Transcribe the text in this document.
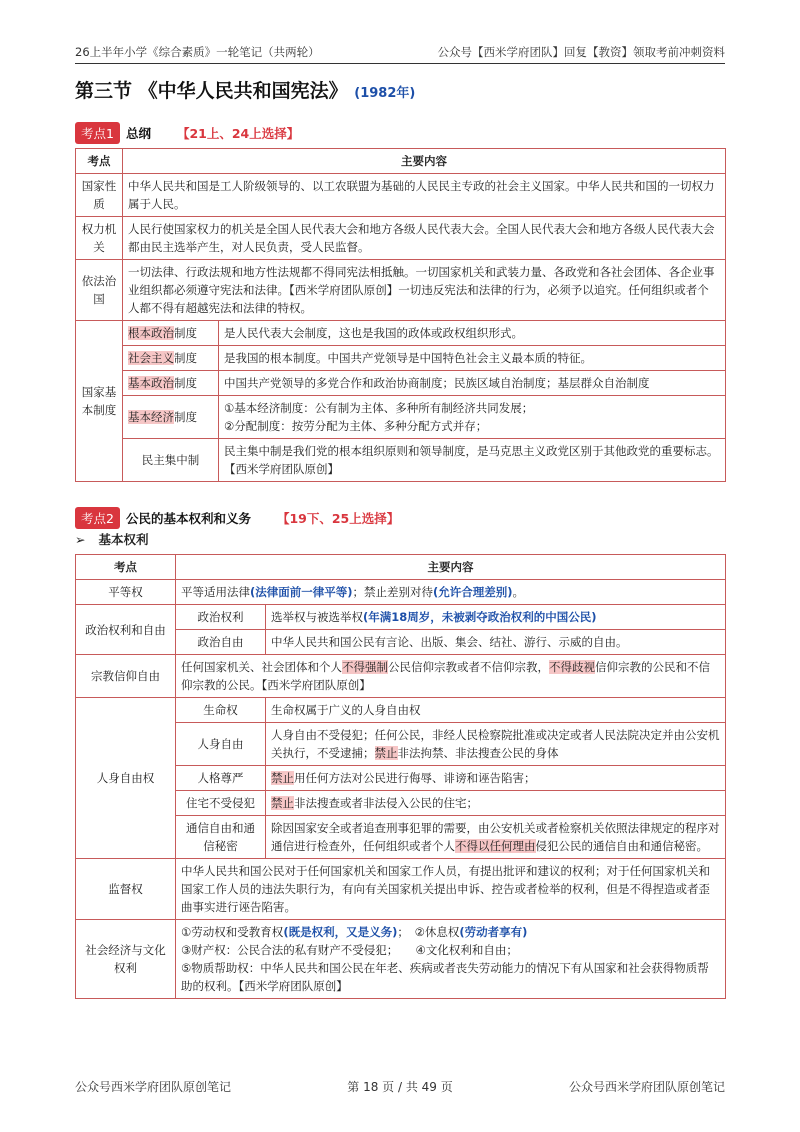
26上半年小学《综合素质》一轮笔记（共两轮）	公众号【西米学府团队】回复【教资】领取考前冲刺资料
第三节 《中华人民共和国宪法》 (1982年)
考点1 总纲 【21上、24上选择】
考点	主要内容	
国家性质	中华人民共和国是工人阶级领导的、以工农联盟为基础的人民民主专政的社会主义国家。中华人民共和国的一切权力属于人民。	
权力机关	人民行使国家权力的机关是全国人民代表大会和地方各级人民代表大会。全国人民代表大会和地方各级人民代表大会都由民主选举产生，对人民负责，受人民监督。	
依法治国	一切法律、行政法规和地方性法规都不得同宪法相抵触。一切国家机关和武装力量、各政党和各社会团体、各企业事业组织都必须遵守宪法和法律。【西米学府团队原创】一切违反宪法和法律的行为，必须予以追究。任何组织或者个人都不得有超越宪法和法律的特权。	
国家基本制度	根本政治制度	是人民代表大会制度，这也是我国的政体或政权组织形式。
	社会主义制度	是我国的根本制度。中国共产党领导是中国特色社会主义最本质的特征。
	基本政治制度	中国共产党领导的多党合作和政治协商制度；民族区域自治制度；基层群众自治制度
	基本经济制度	①基本经济制度：公有制为主体、多种所有制经济共同发展；
②分配制度：按劳分配为主体、多种分配方式并存；

	民主集中制	民主集中制是我们党的根本组织原则和领导制度，是马克思主义政党区别于其他政党的重要标志。【西米学府团队原创】
考点2 公民的基本权利和义务 【19下、25上选择】
➢ 基本权利
考点	主要内容	
平等权	平等适用法律(法律面前一律平等)；禁止差别对待(允许合理差别)。	
政治权利和自由	政治权利	选举权与被选举权(年满18周岁，未被剥夺政治权利的中国公民)
	政治自由	中华人民共和国公民有言论、出版、集会、结社、游行、示威的自由。
宗教信仰自由	任何国家机关、社会团体和个人不得强制公民信仰宗教或者不信仰宗教，不得歧视信仰宗教的公民和不信仰宗教的公民。【西米学府团队原创】	
人身自由权	生命权	生命权属于广义的人身自由权
	人身自由	人身自由不受侵犯；任何公民，非经人民检察院批准或决定或者人民法院决定并由公安机关执行，不受逮捕；禁止非法拘禁、非法搜查公民的身体
	人格尊严	禁止用任何方法对公民进行侮辱、诽谤和诬告陷害；
	住宅不受侵犯	禁止非法搜查或者非法侵入公民的住宅；
	通信自由和通信秘密	除因国家安全或者追查刑事犯罪的需要，由公安机关或者检察机关依照法律规定的程序对通信进行检查外，任何组织或者个人不得以任何理由侵犯公民的通信自由和通信秘密。
监督权	中华人民共和国公民对于任何国家机关和国家工作人员，有提出批评和建议的权利；对于任何国家机关和国家工作人员的违法失职行为，有向有关国家机关提出申诉、控告或者检举的权利，但是不得捏造或者歪曲事实进行诬告陷害。	
社会经济与文化权利	①劳动权和受教育权(既是权利，又是义务)；　②休息权(劳动者享有)
③财产权：公民合法的私有财产不受侵犯；　　④文化权利和自由；
⑤物质帮助权：中华人民共和国公民在年老、疾病或者丧失劳动能力的情况下有从国家和社会获得物质帮助的权利。【西米学府团队原创】	
公众号西米学府团队原创笔记	第 18 页 / 共 49 页	公众号西米学府团队原创笔记
